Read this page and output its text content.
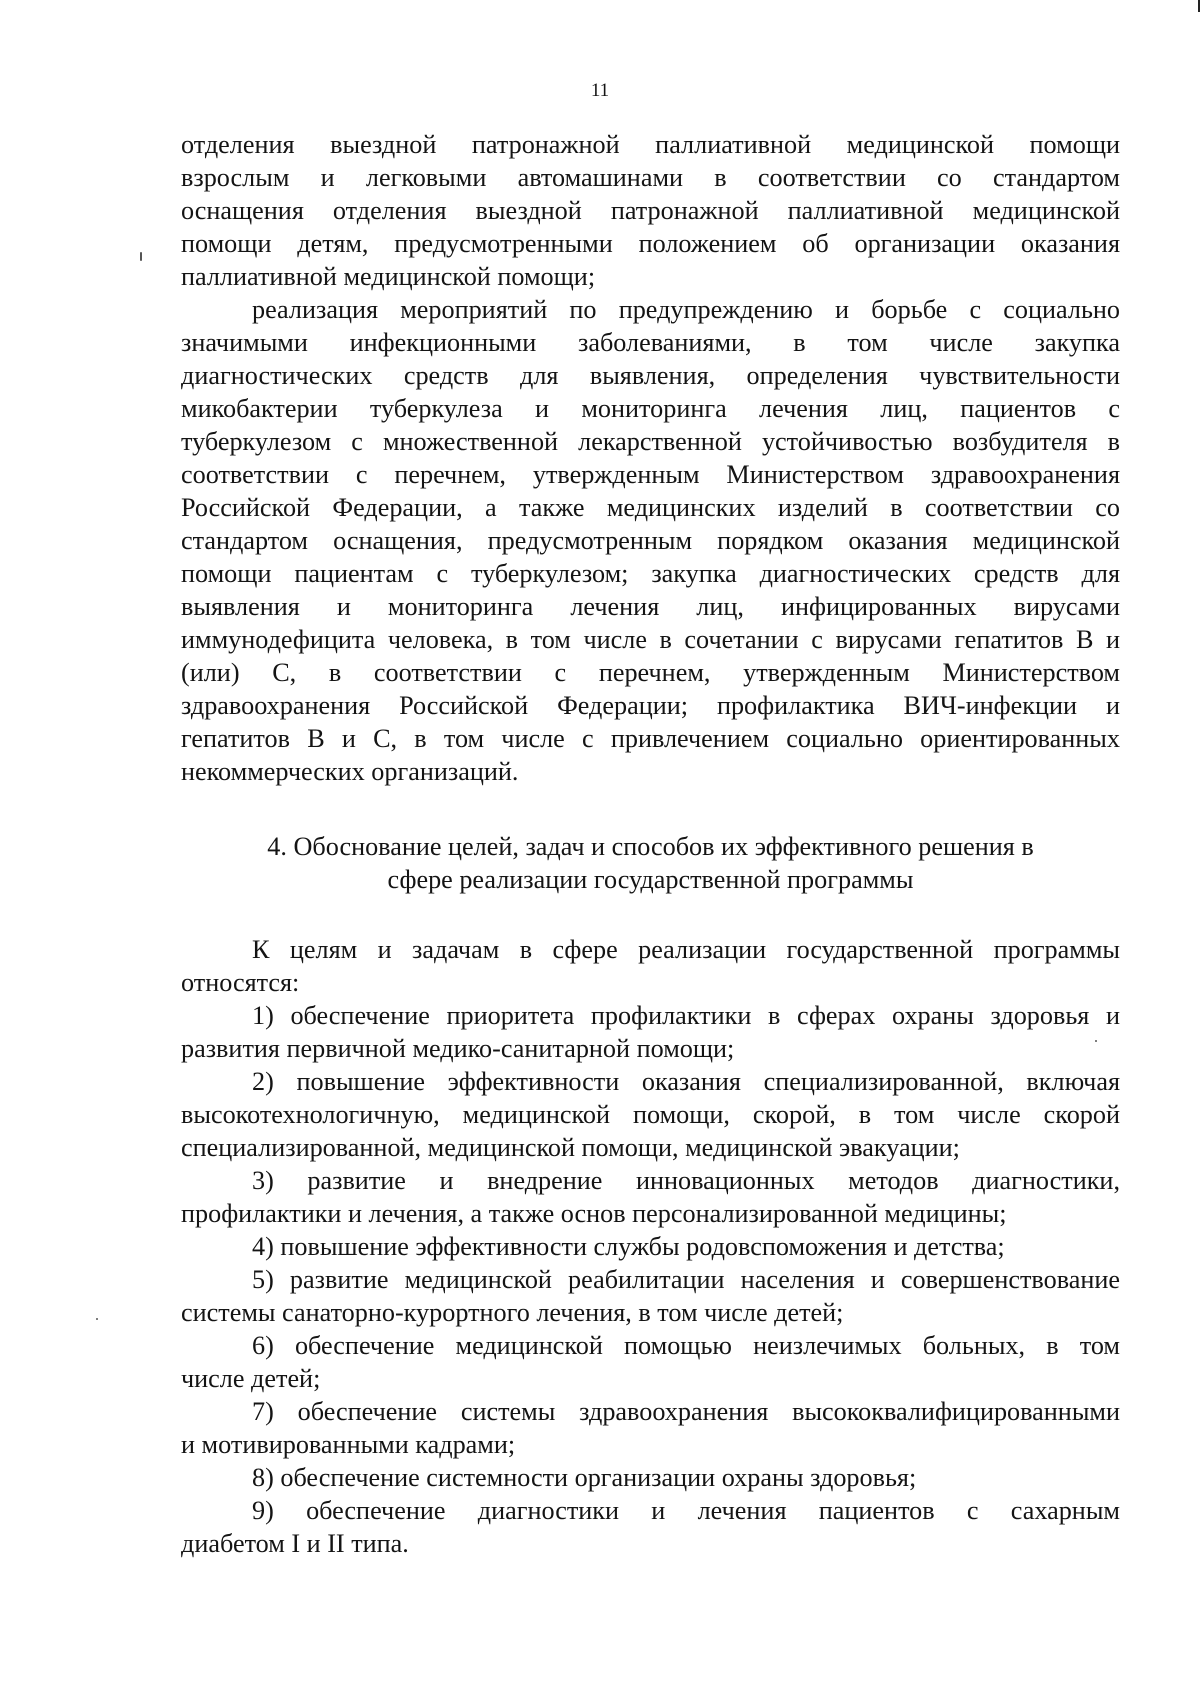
11
отделения выездной патронажной паллиативной медицинской помощи
взрослым и легковыми автомашинами в соответствии со стандартом
оснащения отделения выездной патронажной паллиативной медицинской
помощи детям, предусмотренными положением об организации оказания
паллиативной медицинской помощи;
реализация мероприятий по предупреждению и борьбе с социально
значимыми инфекционными заболеваниями, в том числе закупка
диагностических средств для выявления, определения чувствительности
микобактерии туберкулеза и мониторинга лечения лиц, пациентов с
туберкулезом с множественной лекарственной устойчивостью возбудителя в
соответствии с перечнем, утвержденным Министерством здравоохранения
Российской Федерации, а также медицинских изделий в соответствии со
стандартом оснащения, предусмотренным порядком оказания медицинской
помощи пациентам с туберкулезом; закупка диагностических средств для
выявления и мониторинга лечения лиц, инфицированных вирусами
иммунодефицита человека, в том числе в сочетании с вирусами гепатитов В и
(или) С, в соответствии с перечнем, утвержденным Министерством
здравоохранения Российской Федерации; профилактика ВИЧ-инфекции и
гепатитов В и С, в том числе с привлечением социально ориентированных
некоммерческих организаций.
4. Обоснование целей, задач и способов их эффективного решения в
сфере реализации государственной программы
К целям и задачам в сфере реализации государственной программы
относятся:
1) обеспечение приоритета профилактики в сферах охраны здоровья и
развития первичной медико-санитарной помощи;
2) повышение эффективности оказания специализированной, включая
высокотехнологичную, медицинской помощи, скорой, в том числе скорой
специализированной, медицинской помощи, медицинской эвакуации;
3) развитие и внедрение инновационных методов диагностики,
профилактики и лечения, а также основ персонализированной медицины;
4) повышение эффективности службы родовспоможения и детства;
5) развитие медицинской реабилитации населения и совершенствование
системы санаторно-курортного лечения, в том числе детей;
6) обеспечение медицинской помощью неизлечимых больных, в том
числе детей;
7) обеспечение системы здравоохранения высококвалифицированными
и мотивированными кадрами;
8) обеспечение системности организации охраны здоровья;
9) обеспечение диагностики и лечения пациентов с сахарным
диабетом I и II типа.
